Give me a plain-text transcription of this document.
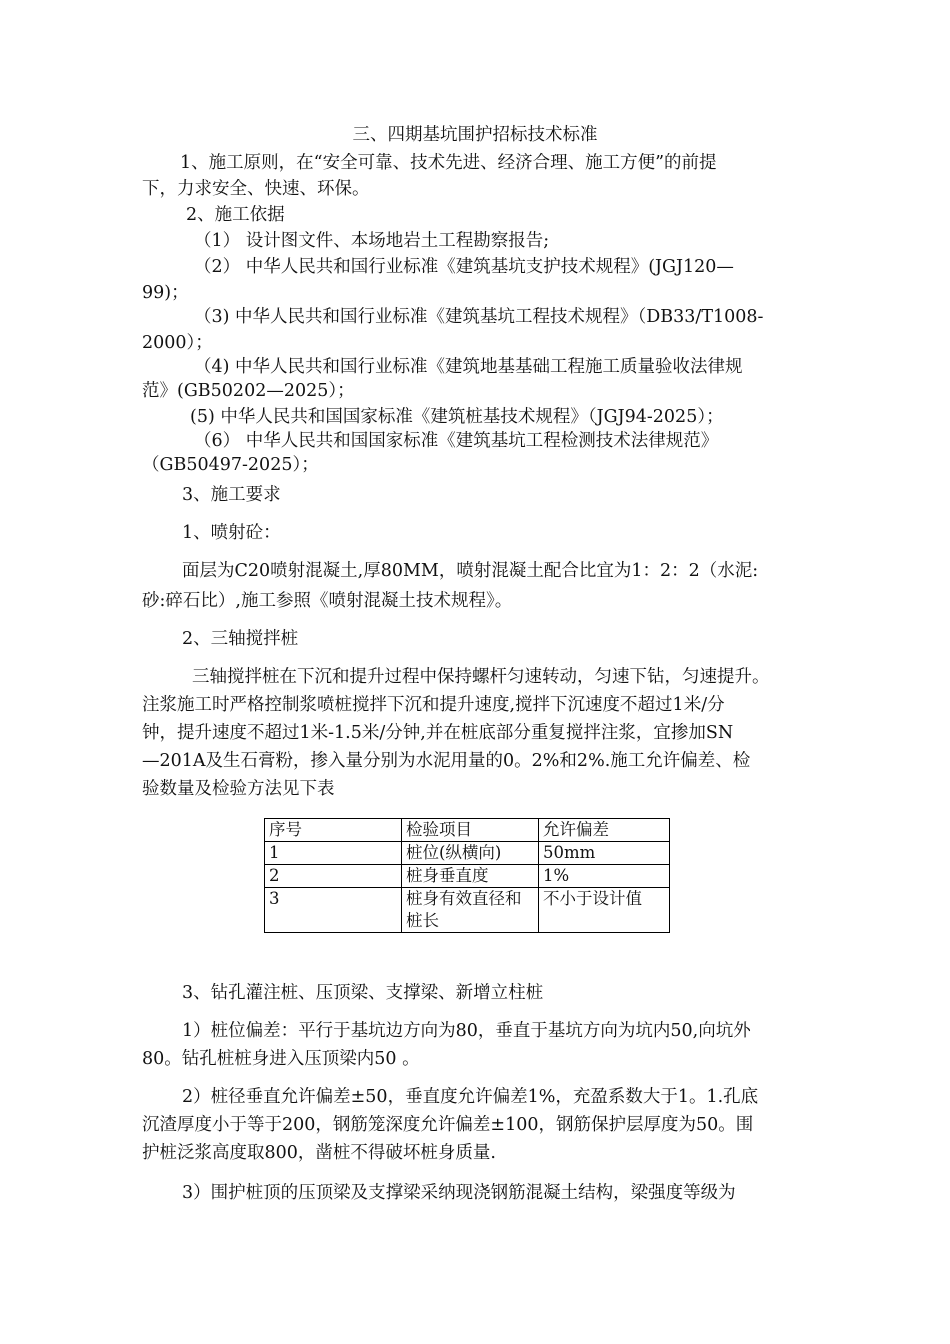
三、四期基坑围护招标技术标准
1、施工原则，在“安全可靠、技术先进、经济合理、施工方便”的前提
下，力求安全、快速、环保。
2、施工依据
（1） 设计图文件、本场地岩土工程勘察报告;
（2） 中华人民共和国行业标准《建筑基坑支护技术规程》(JGJ120—
99)；
（3) 中华人民共和国行业标准《建筑基坑工程技术规程》（DB33/T1008-
2000）；
（4) 中华人民共和国行业标准《建筑地基基础工程施工质量验收法律规
范》(GB50202—2025）；
(5) 中华人民共和国国家标准《建筑桩基技术规程》（JGJ94-2025）；
（6） 中华人民共和国国家标准《建筑基坑工程检测技术法律规范》
（GB50497-2025）；
3、施工要求
1、喷射砼：
面层为C20喷射混凝土,厚80MM，喷射混凝土配合比宜为1：2：2（水泥:
砂:碎石比）,施工参照《喷射混凝土技术规程》。
2、三轴搅拌桩
三轴搅拌桩在下沉和提升过程中保持螺杆匀速转动，匀速下钻，匀速提升。
注浆施工时严格控制浆喷桩搅拌下沉和提升速度,搅拌下沉速度不超过1米/分
钟，提升速度不超过1米-1.5米/分钟,并在桩底部分重复搅拌注浆，宜掺加SN
—201A及生石膏粉，掺入量分别为水泥用量的0。2%和2%.施工允许偏差、检
验数量及检验方法见下表
序号	检验项目	允许偏差
1	桩位(纵横向)	50mm
2	桩身垂直度	1%
3	桩身有效直径和桩长	不小于设计值
3、钻孔灌注桩、压顶梁、支撑梁、新增立柱桩
1）桩位偏差：平行于基坑边方向为80，垂直于基坑方向为坑内50,向坑外
80。钻孔桩桩身进入压顶梁内50 。
2）桩径垂直允许偏差±50，垂直度允许偏差1%，充盈系数大于1。1.孔底
沉渣厚度小于等于200，钢筋笼深度允许偏差±100，钢筋保护层厚度为50。围
护桩泛浆高度取800，凿桩不得破坏桩身质量.
3）围护桩顶的压顶梁及支撑梁采纳现浇钢筋混凝土结构，梁强度等级为
